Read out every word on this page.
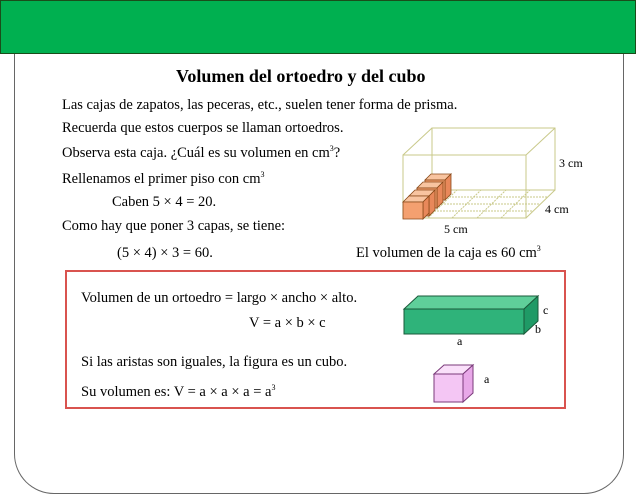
Volumen del ortoedro y del cubo
Las cajas de zapatos, las peceras, etc., suelen tener forma de prisma.
Recuerda que estos cuerpos se llaman ortoedros.
Observa esta caja. ¿Cuál es su volumen en $cm^3$?
Rellenamos el primer piso con $cm^3$
Caben 5 × 4 = 20.
Como hay que poner 3 capas, se tiene:
(5 × 4) × 3 = 60.	El volumen de la caja es 60 $cm^3$
3 cm
4 cm
5 cm
Volumen de un ortoedro = largo × ancho × alto.
V = a × b × c
Si las aristas son iguales, la figura es un cubo.
Su volumen es: $V = a \times a \times a = a^3$
c
b
a
a
